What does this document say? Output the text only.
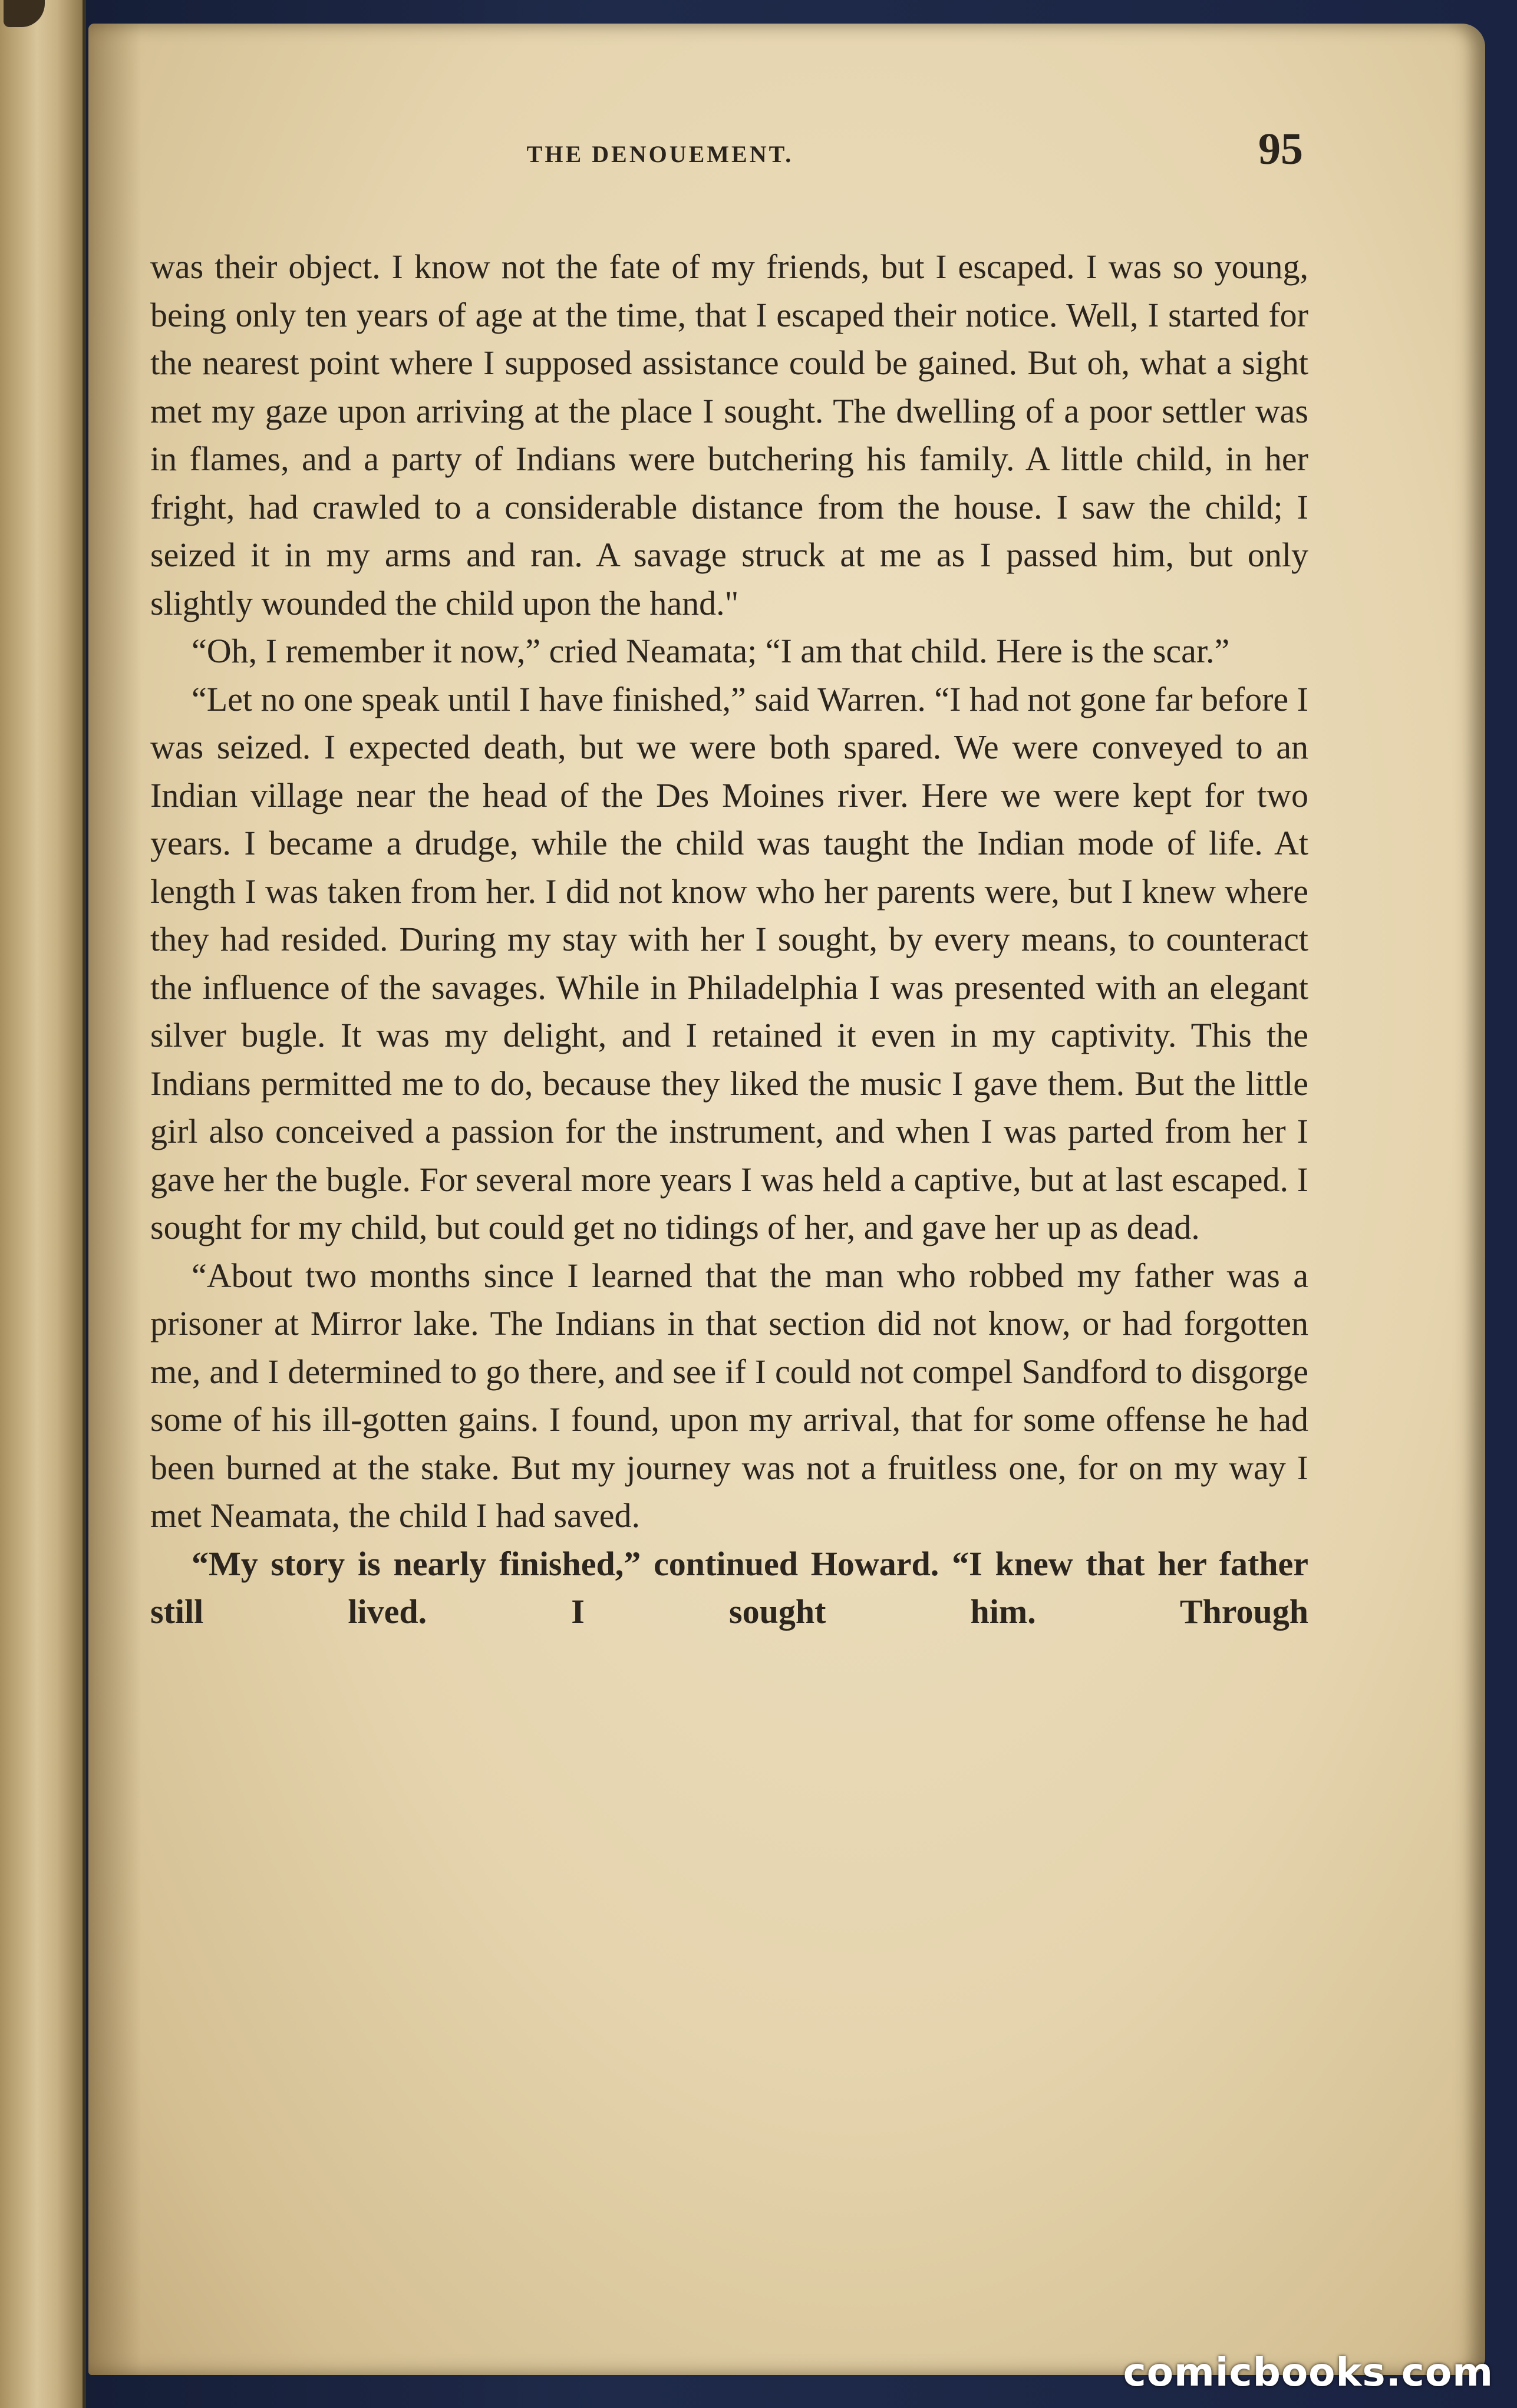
THE DENOUEMENT.	95

was their object. I know not the fate of my friends, but I escaped. I was so young, being only ten years of age at the time, that I escaped their notice. Well, I started for the nearest point where I supposed assistance could be gained. But oh, what a sight met my gaze upon arriving at the place I sought. The dwelling of a poor settler was in flames, and a party of Indians were butchering his family. A little child, in her fright, had crawled to a considerable distance from the house. I saw the child; I seized it in my arms and ran. A savage struck at me as I passed him, but only slightly wounded the child upon the hand."

“Oh, I remember it now,” cried Neamata; “I am that child. Here is the scar.”

“Let no one speak until I have finished,” said Warren. “I had not gone far before I was seized. I expected death, but we were both spared. We were conveyed to an Indian village near the head of the Des Moines river. Here we were kept for two years. I became a drudge, while the child was taught the Indian mode of life. At length I was taken from her. I did not know who her parents were, but I knew where they had resided. During my stay with her I sought, by every means, to counteract the influence of the savages. While in Philadelphia I was presented with an elegant silver bugle. It was my delight, and I retained it even in my captivity. This the Indians permitted me to do, because they liked the music I gave them. But the little girl also conceived a passion for the instrument, and when I was parted from her I gave her the bugle. For several more years I was held a captive, but at last escaped. I sought for my child, but could get no tidings of her, and gave her up as dead.

“About two months since I learned that the man who robbed my father was a prisoner at Mirror lake. The Indians in that section did not know, or had forgotten me, and I determined to go there, and see if I could not compel Sandford to disgorge some of his ill-gotten gains. I found, upon my arrival, that for some offense he had been burned at the stake. But my journey was not a fruitless one, for on my way I met Neamata, the child I had saved.

“My story is nearly finished,” continued Howard. “I knew that her father still lived. I sought him. Through

comicbooks.com
